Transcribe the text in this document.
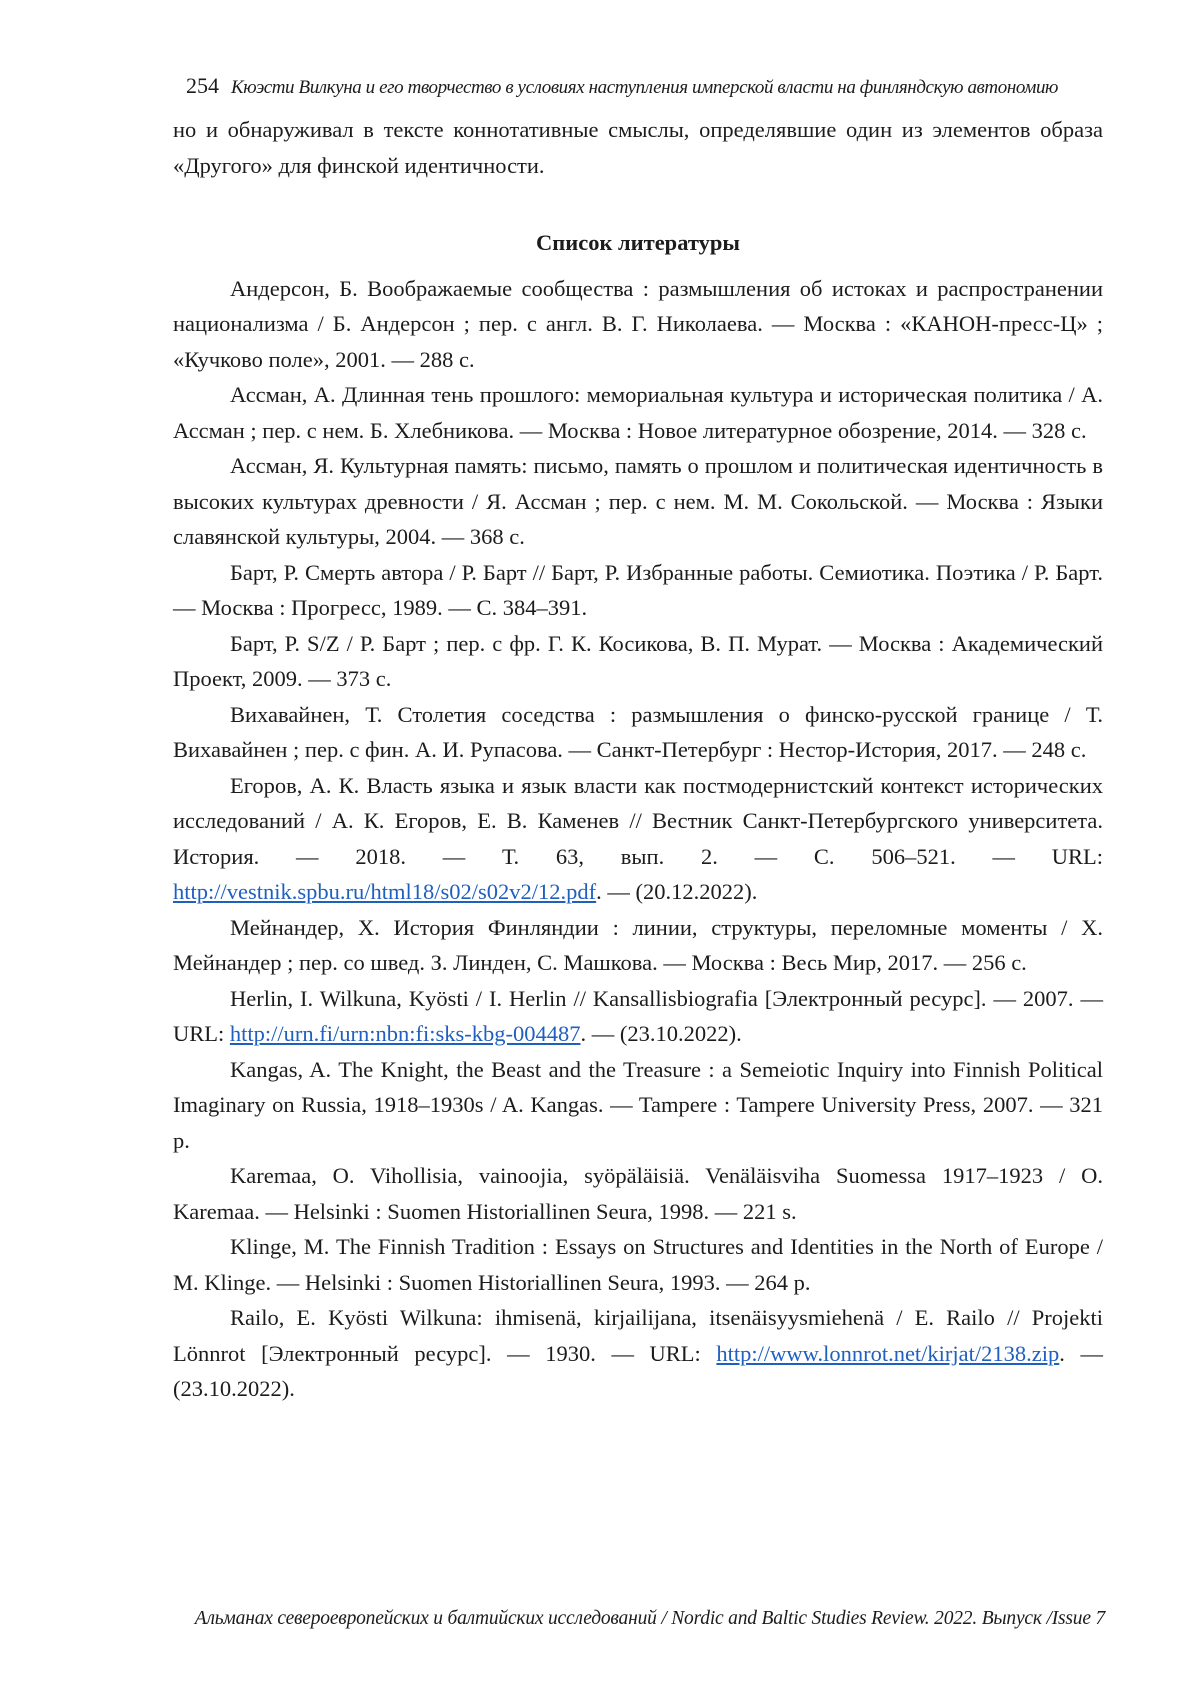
254 Кюэсти Вилкуна и его творчество в условиях наступления имперской власти на финляндскую автономию

но и обнаруживал в тексте коннотативные смыслы, определявшие один из элементов образа «Другого» для финской идентичности.

Список литературы
Андерсон, Б. Воображаемые сообщества : размышления об истоках и распространении национализма / Б. Андерсон ; пер. с англ. В. Г. Николаева. — Москва : «КАНОН-пресс-Ц» ; «Кучково поле», 2001. — 288 с.
Ассман, А. Длинная тень прошлого: мемориальная культура и историческая политика / А. Ассман ; пер. с нем. Б. Хлебникова. — Москва : Новое литературное обозрение, 2014. — 328 с.
Ассман, Я. Культурная память: письмо, память о прошлом и политическая идентичность в высоких культурах древности / Я. Ассман ; пер. с нем. М. М. Сокольской. — Москва : Языки славянской культуры, 2004. — 368 с.
Барт, Р. Смерть автора / Р. Барт // Барт, Р. Избранные работы. Семиотика. Поэтика / Р. Барт. — Москва : Прогресс, 1989. — С. 384–391.
Барт, Р. S/Z / Р. Барт ; пер. с фр. Г. К. Косикова, В. П. Мурат. — Москва : Академический Проект, 2009. — 373 с.
Вихавайнен, Т. Столетия соседства : размышления о финско-русской границе / Т. Вихавайнен ; пер. с фин. А. И. Рупасова. — Санкт-Петербург : Нестор-История, 2017. — 248 с.
Егоров, А. К. Власть языка и язык власти как постмодернистский контекст исторических исследований / А. К. Егоров, Е. В. Каменев // Вестник Санкт-Петербургского университета. История. — 2018. — Т. 63, вып. 2. — С. 506–521. — URL: http://vestnik.spbu.ru/html18/s02/s02v2/12.pdf. — (20.12.2022).
Мейнандер, Х. История Финляндии : линии, структуры, переломные моменты / Х. Мейнандер ; пер. со швед. З. Линден, С. Машкова. — Москва : Весь Мир, 2017. — 256 с.
Herlin, I. Wilkuna, Kyösti / I. Herlin // Kansallisbiografia [Электронный ресурс]. — 2007. — URL: http://urn.fi/urn:nbn:fi:sks-kbg-004487. — (23.10.2022).
Kangas, A. The Knight, the Beast and the Treasure : a Semeiotic Inquiry into Finnish Political Imaginary on Russia, 1918–1930s / A. Kangas. — Tampere : Tampere University Press, 2007. — 321 p.
Karemaa, O. Vihollisia, vainoojia, syöpäläisiä. Venäläisviha Suomessa 1917–1923 / O. Karemaa. — Helsinki : Suomen Historiallinen Seura, 1998. — 221 s.
Klinge, M. The Finnish Tradition : Essays on Structures and Identities in the North of Europe / M. Klinge. — Helsinki : Suomen Historiallinen Seura, 1993. — 264 p.
Railo, E. Kyösti Wilkuna: ihmisenä, kirjailijana, itsenäisyysmiehenä / E. Railo // Projekti Lönnrot [Электронный ресурс]. — 1930. — URL: http://www.lonnrot.net/kirjat/2138.zip. — (23.10.2022).
Альманах североевропейских и балтийских исследований / Nordic and Baltic Studies Review. 2022. Выпуск /Issue 7
